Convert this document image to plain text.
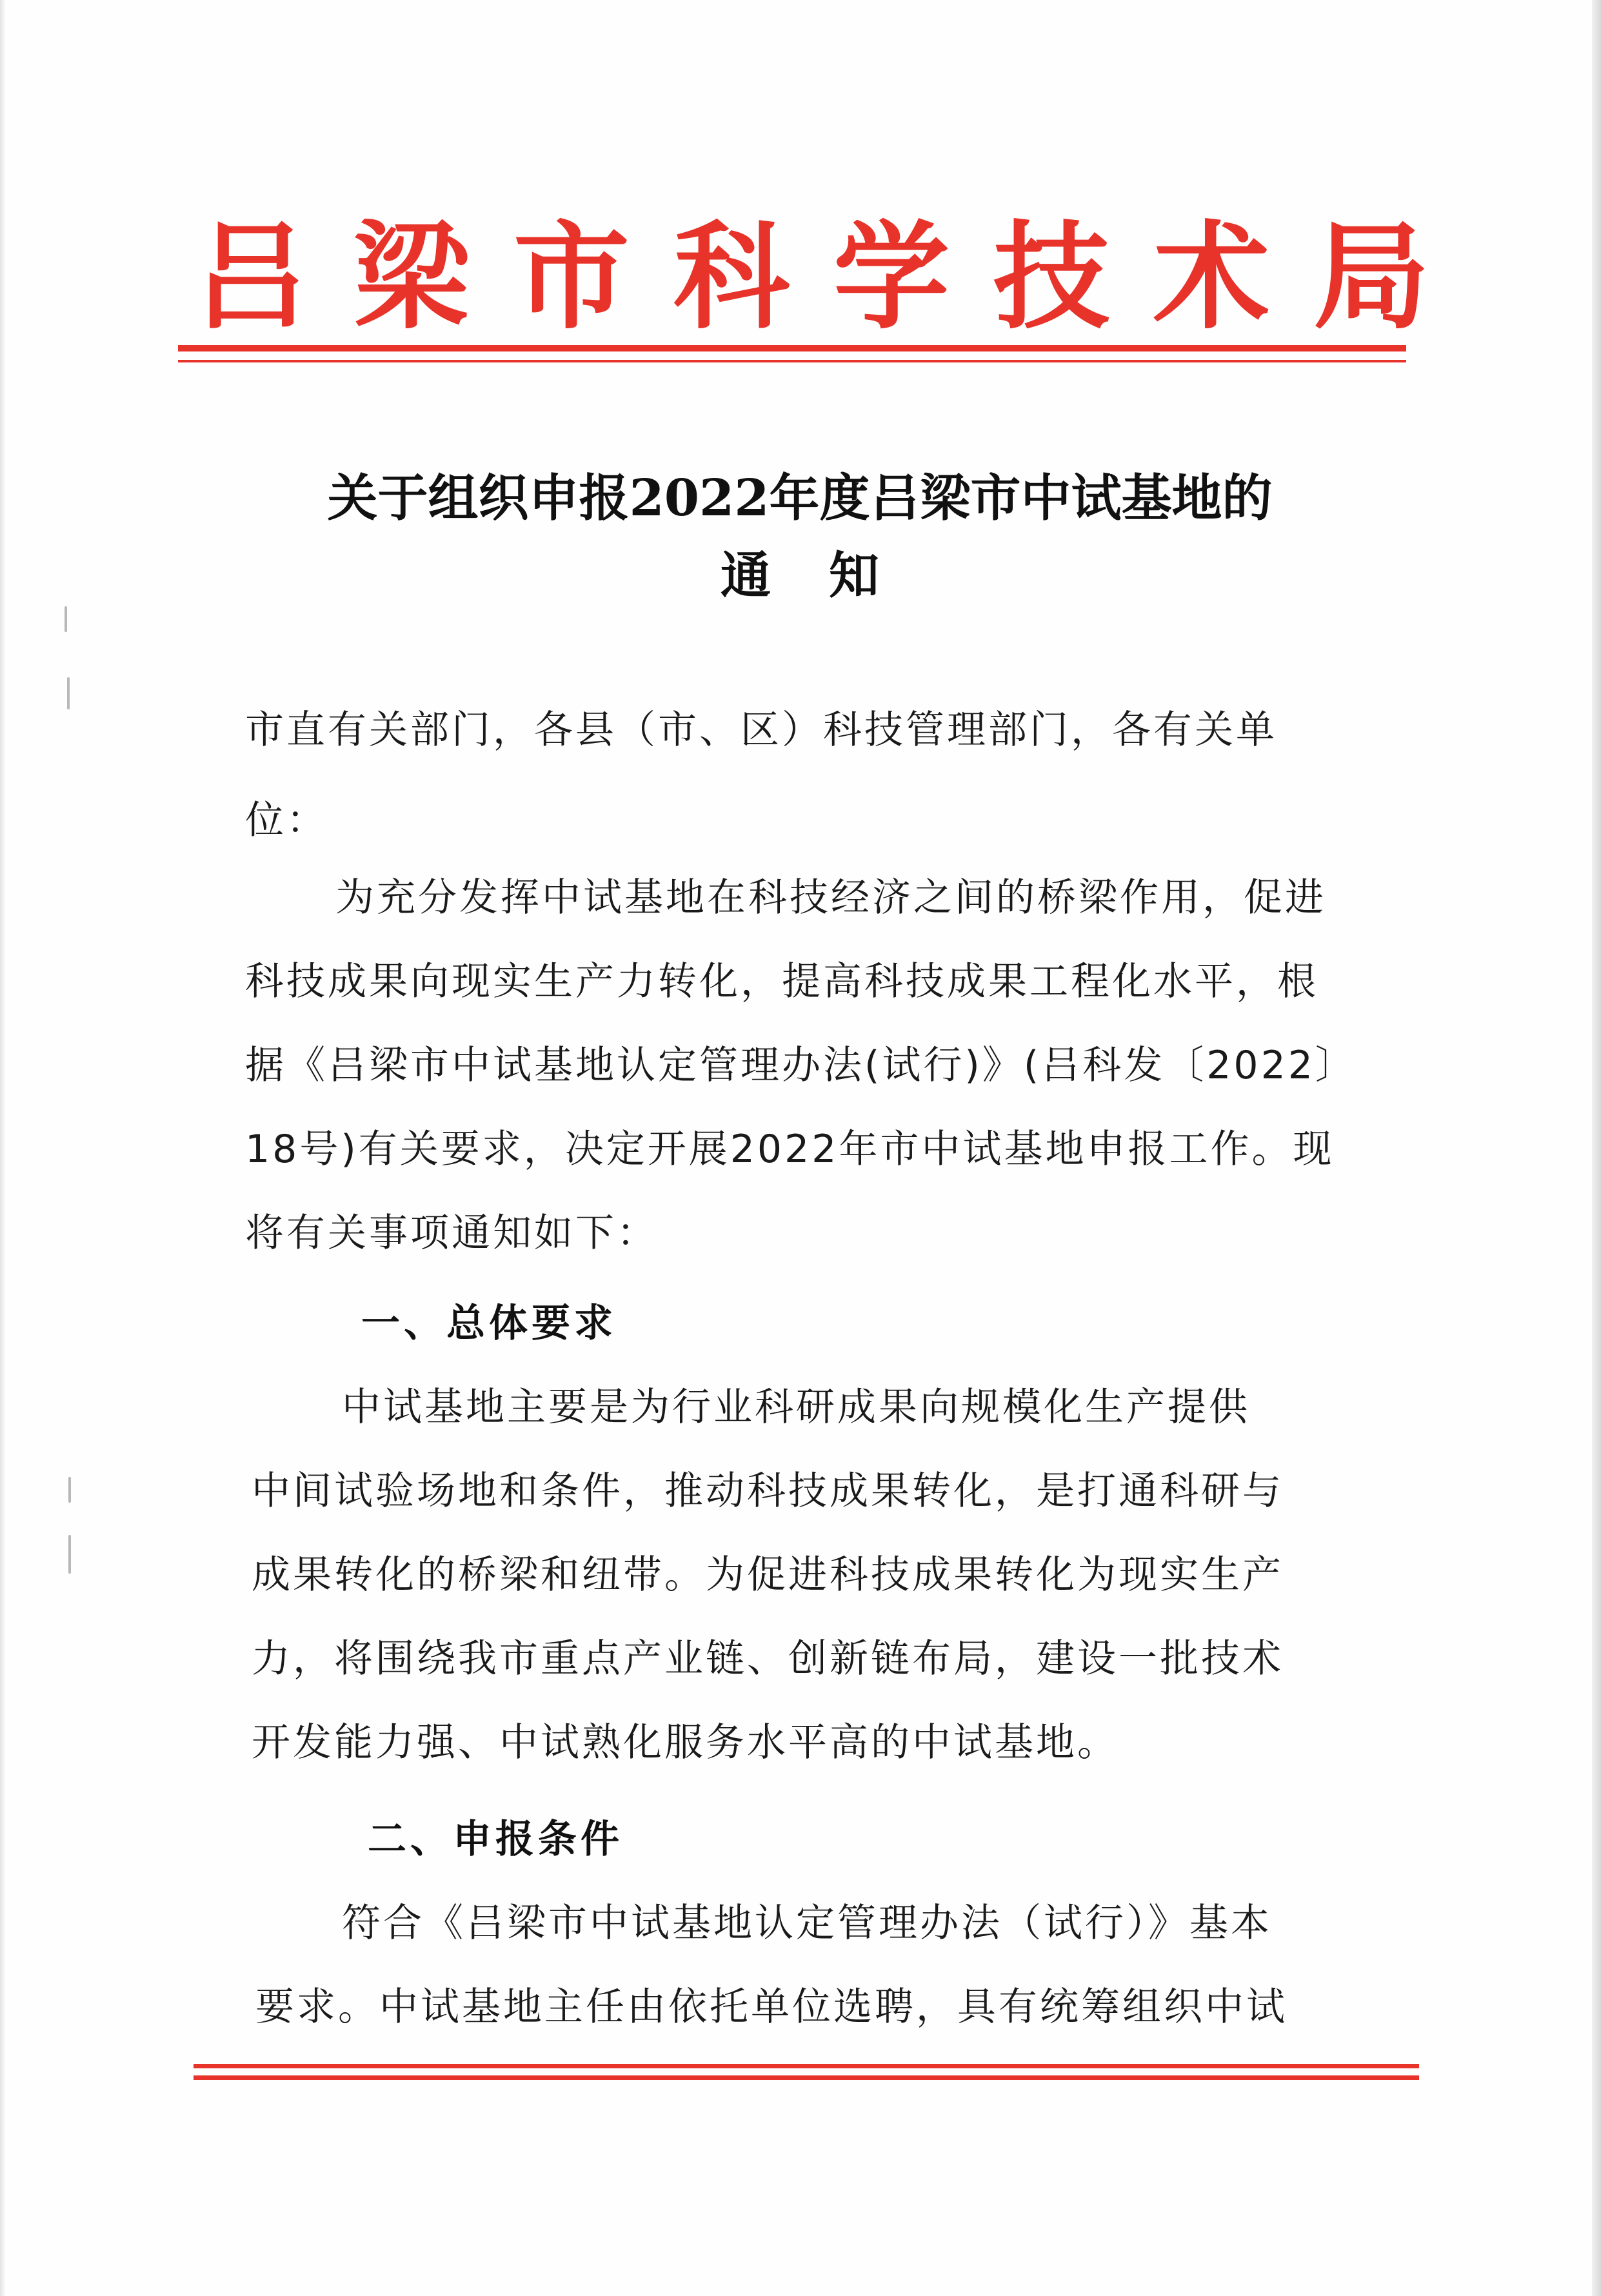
吕梁市科学技术局
关于组织申报2022年度吕梁市中试基地的
通知
市直有关部门，各县（市、区）科技管理部门，各有关单
位：
为充分发挥中试基地在科技经济之间的桥梁作用，促进
科技成果向现实生产力转化，提高科技成果工程化水平，根
据《吕梁市中试基地认定管理办法(试行)》(吕科发〔2022〕
18号)有关要求，决定开展2022年市中试基地申报工作。现
将有关事项通知如下：
一、总体要求
中试基地主要是为行业科研成果向规模化生产提供
中间试验场地和条件，推动科技成果转化，是打通科研与
成果转化的桥梁和纽带。为促进科技成果转化为现实生产
力，将围绕我市重点产业链、创新链布局，建设一批技术
开发能力强、中试熟化服务水平高的中试基地。
二、申报条件
符合《吕梁市中试基地认定管理办法（试行）》基本
要求。中试基地主任由依托单位选聘，具有统筹组织中试
